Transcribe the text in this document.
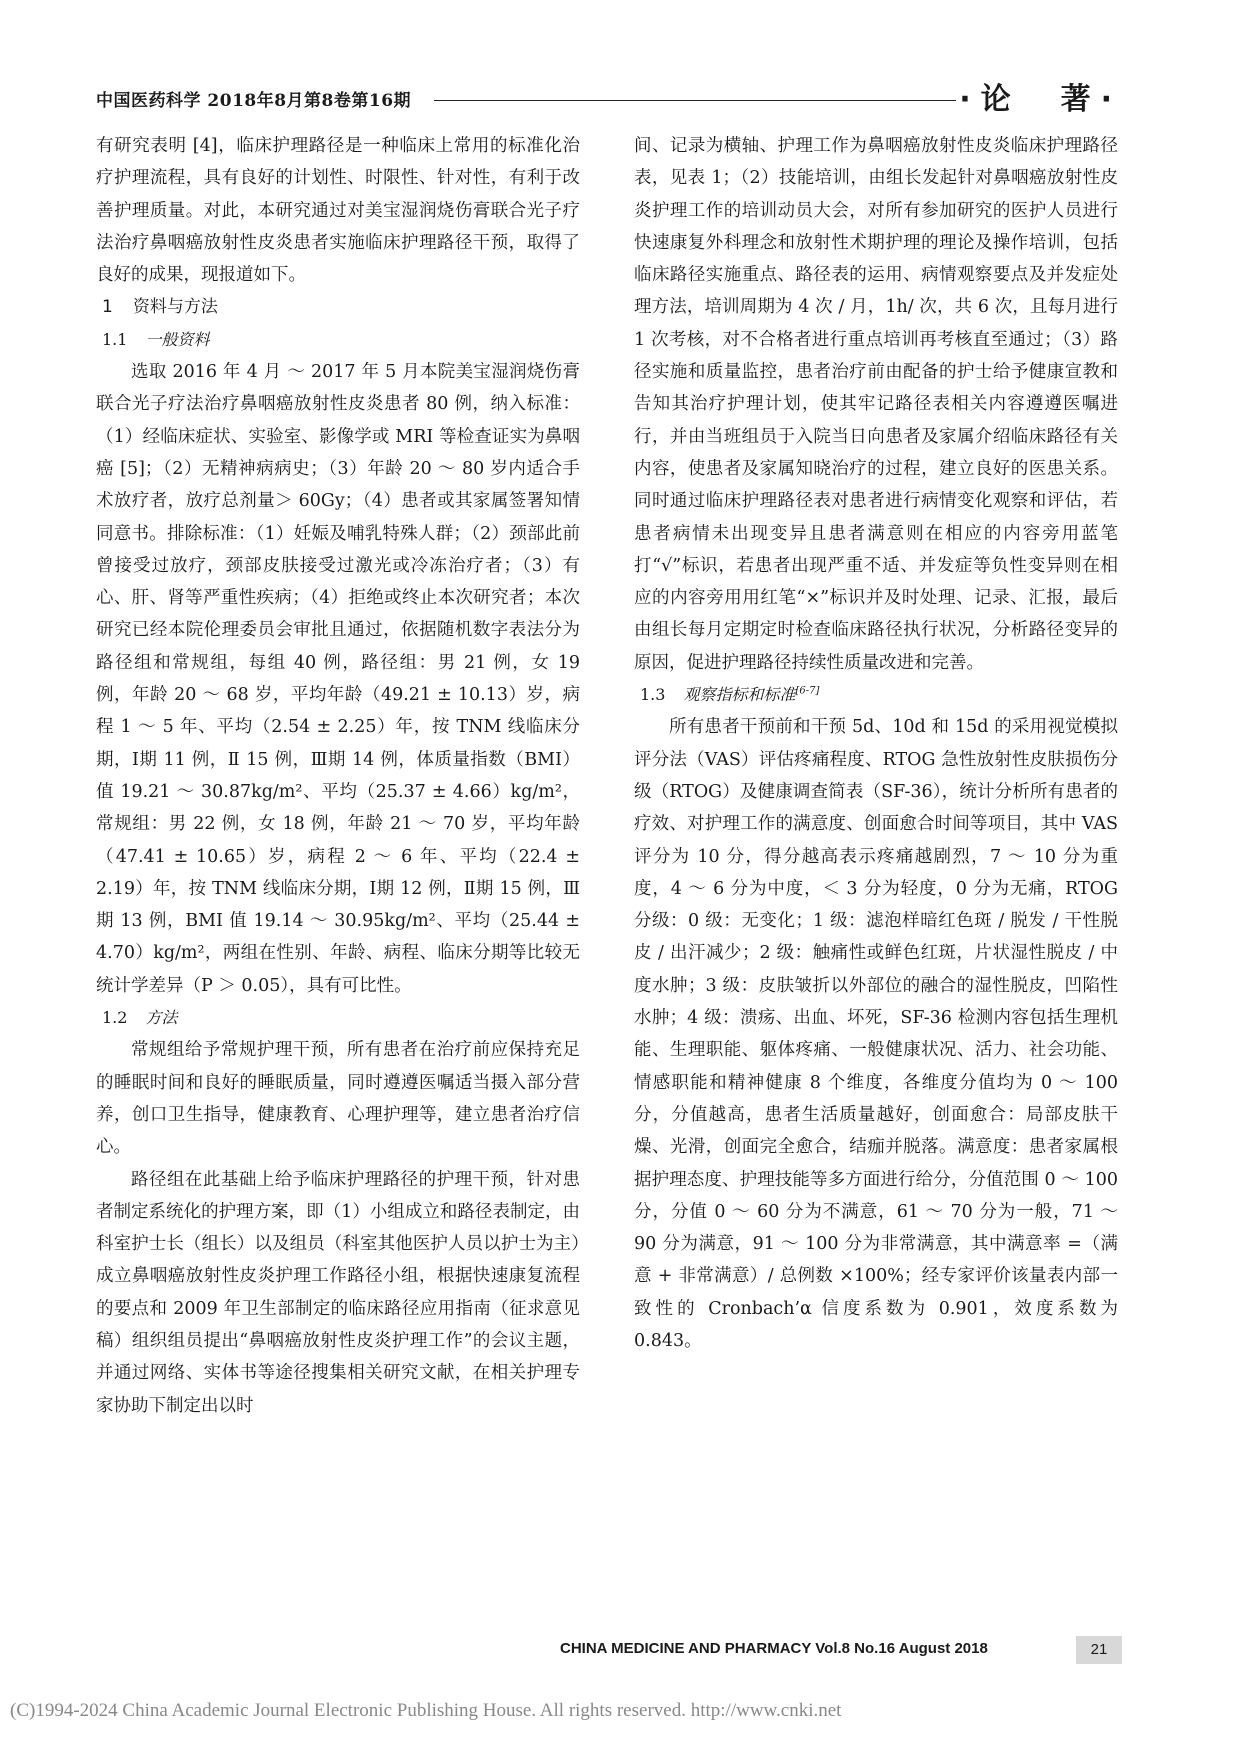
中国医药科学 2018年8月第8卷第16期	·论　著·

有研究表明 [4]，临床护理路径是一种临床上常用的标准化治疗护理流程，具有良好的计划性、时限性、针对性，有利于改善护理质量。对此，本研究通过对美宝湿润烧伤膏联合光子疗法治疗鼻咽癌放射性皮炎患者实施临床护理路径干预，取得了良好的成果，现报道如下。

1 资料与方法

1.1 一般资料

选取 2016 年 4 月 ～ 2017 年 5 月本院美宝湿润烧伤膏联合光子疗法治疗鼻咽癌放射性皮炎患者 80 例，纳入标准：（1）经临床症状、实验室、影像学或 MRI 等检查证实为鼻咽癌 [5]；（2）无精神病病史；（3）年龄 20 ～ 80 岁内适合手术放疗者，放疗总剂量＞ 60Gy；（4）患者或其家属签署知情同意书。排除标准：（1）妊娠及哺乳特殊人群；（2）颈部此前曾接受过放疗，颈部皮肤接受过激光或冷冻治疗者；（3）有心、肝、肾等严重性疾病；（4）拒绝或终止本次研究者；本次研究已经本院伦理委员会审批且通过，依据随机数字表法分为路径组和常规组，每组 40 例，路径组：男 21 例，女 19 例，年龄 20 ～ 68 岁，平均年龄（49.21 ± 10.13）岁，病程 1 ～ 5 年、平均（2.54 ± 2.25）年，按 TNM 线临床分期，Ⅰ期 11 例，Ⅱ 15 例，Ⅲ期 14 例，体质量指数（BMI）值 19.21 ～ 30.87kg/m²、平均（25.37 ± 4.66）kg/m²，常规组：男 22 例，女 18 例，年龄 21 ～ 70 岁，平均年龄（47.41 ± 10.65）岁，病程 2 ～ 6 年、平均（22.4 ± 2.19）年，按 TNM 线临床分期，Ⅰ期 12 例，Ⅱ期 15 例，Ⅲ期 13 例，BMI 值 19.14 ～ 30.95kg/m²、平均（25.44 ± 4.70）kg/m²，两组在性别、年龄、病程、临床分期等比较无统计学差异（P ＞ 0.05），具有可比性。

1.2 方法

常规组给予常规护理干预，所有患者在治疗前应保持充足的睡眠时间和良好的睡眠质量，同时遵遵医嘱适当摄入部分营养，创口卫生指导，健康教育、心理护理等，建立患者治疗信心。

路径组在此基础上给予临床护理路径的护理干预，针对患者制定系统化的护理方案，即（1）小组成立和路径表制定，由科室护士长（组长）以及组员（科室其他医护人员以护士为主）成立鼻咽癌放射性皮炎护理工作路径小组，根据快速康复流程的要点和 2009 年卫生部制定的临床路径应用指南（征求意见稿）组织组员提出“鼻咽癌放射性皮炎护理工作”的会议主题，并通过网络、实体书等途径搜集相关研究文献，在相关护理专家协助下制定出以时

间、记录为横轴、护理工作为鼻咽癌放射性皮炎临床护理路径表，见表 1；（2）技能培训，由组长发起针对鼻咽癌放射性皮炎护理工作的培训动员大会，对所有参加研究的医护人员进行快速康复外科理念和放射性术期护理的理论及操作培训，包括临床路径实施重点、路径表的运用、病情观察要点及并发症处理方法，培训周期为 4 次 / 月，1h/ 次，共 6 次，且每月进行 1 次考核，对不合格者进行重点培训再考核直至通过；（3）路径实施和质量监控，患者治疗前由配备的护士给予健康宣教和告知其治疗护理计划，使其牢记路径表相关内容遵遵医嘱进行，并由当班组员于入院当日向患者及家属介绍临床路径有关内容，使患者及家属知晓治疗的过程，建立良好的医患关系。同时通过临床护理路径表对患者进行病情变化观察和评估，若患者病情未出现变异且患者满意则在相应的内容旁用蓝笔打“√”标识，若患者出现严重不适、并发症等负性变异则在相应的内容旁用用红笔“×”标识并及时处理、记录、汇报，最后由组长每月定期定时检查临床路径执行状况，分析路径变异的原因，促进护理路径持续性质量改进和完善。

1.3 观察指标和标准[6-7]

所有患者干预前和干预 5d、10d 和 15d 的采用视觉模拟评分法（VAS）评估疼痛程度、RTOG 急性放射性皮肤损伤分级（RTOG）及健康调查简表（SF-36），统计分析所有患者的疗效、对护理工作的满意度、创面愈合时间等项目，其中 VAS 评分为 10 分，得分越高表示疼痛越剧烈，7 ～ 10 分为重度，4 ～ 6 分为中度，＜ 3 分为轻度，0 分为无痛，RTOG 分级：0 级：无变化；1 级：滤泡样暗红色斑 / 脱发 / 干性脱皮 / 出汗减少；2 级：触痛性或鲜色红斑，片状湿性脱皮 / 中度水肿；3 级：皮肤皱折以外部位的融合的湿性脱皮，凹陷性水肿；4 级：溃疡、出血、坏死，SF-36 检测内容包括生理机能、生理职能、躯体疼痛、一般健康状况、活力、社会功能、情感职能和精神健康 8 个维度，各维度分值均为 0 ～ 100 分，分值越高，患者生活质量越好，创面愈合：局部皮肤干燥、光滑，创面完全愈合，结痂并脱落。满意度：患者家属根据护理态度、护理技能等多方面进行给分，分值范围 0 ～ 100 分，分值 0 ～ 60 分为不满意，61 ～ 70 分为一般，71 ～ 90 分为满意，91 ～ 100 分为非常满意，其中满意率 =（满意 + 非常满意）/ 总例数 ×100%；经专家评价该量表内部一致性的 Cronbach’α 信度系数为 0.901，效度系数为 0.843。

CHINA MEDICINE AND PHARMACY Vol.8 No.16 August 2018	21
(C)1994-2024 China Academic Journal Electronic Publishing House. All rights reserved. http://www.cnki.net
